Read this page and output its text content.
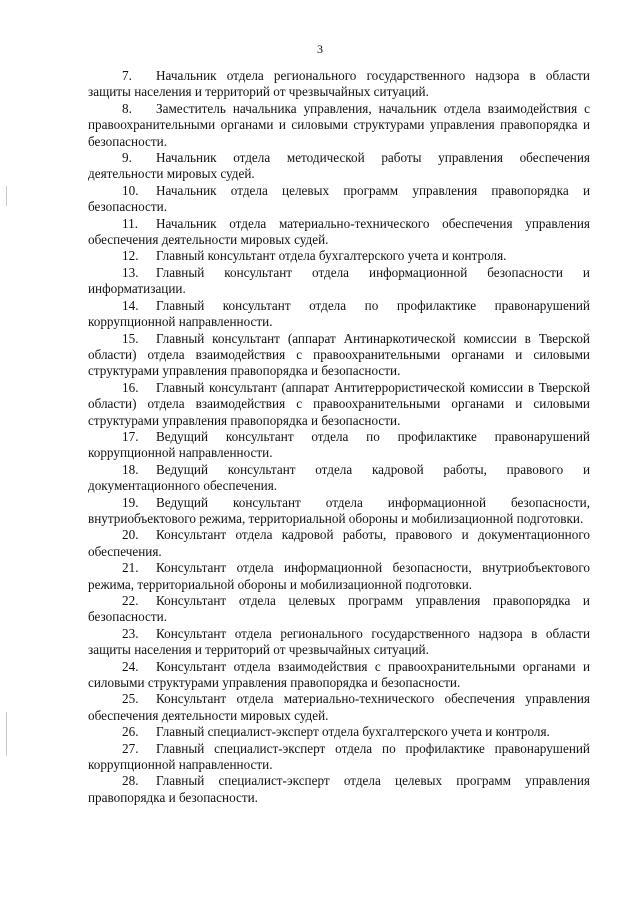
3

7. Начальник отдела регионального государственного надзора в области защиты населения и территорий от чрезвычайных ситуаций.

8. Заместитель начальника управления, начальник отдела взаимодействия с правоохранительными органами и силовыми структурами управления правопорядка и безопасности.

9. Начальник отдела методической работы управления обеспечения деятельности мировых судей.

10. Начальник отдела целевых программ управления правопорядка и безопасности.

11. Начальник отдела материально-технического обеспечения управления обеспечения деятельности мировых судей.

12. Главный консультант отдела бухгалтерского учета и контроля.

13. Главный консультант отдела информационной безопасности и информатизации.

14. Главный консультант отдела по профилактике правонарушений коррупционной направленности.

15. Главный консультант (аппарат Антинаркотической комиссии в Тверской области) отдела взаимодействия с правоохранительными органами и силовыми структурами управления правопорядка и безопасности.

16. Главный консультант (аппарат Антитеррористической комиссии в Тверской области) отдела взаимодействия с правоохранительными органами и силовыми структурами управления правопорядка и безопасности.

17. Ведущий консультант отдела по профилактике правонарушений коррупционной направленности.

18. Ведущий консультант отдела кадровой работы, правового и документационного обеспечения.

19. Ведущий консультант отдела информационной безопасности, внутриобъектового режима, территориальной обороны и мобилизационной подготовки.

20. Консультант отдела кадровой работы, правового и документационного обеспечения.

21. Консультант отдела информационной безопасности, внутриобъектового режима, территориальной обороны и мобилизационной подготовки.

22. Консультант отдела целевых программ управления правопорядка и безопасности.

23. Консультант отдела регионального государственного надзора в области защиты населения и территорий от чрезвычайных ситуаций.

24. Консультант отдела взаимодействия с правоохранительными органами и силовыми структурами управления правопорядка и безопасности.

25. Консультант отдела материально-технического обеспечения управления обеспечения деятельности мировых судей.

26. Главный специалист-эксперт отдела бухгалтерского учета и контроля.

27. Главный специалист-эксперт отдела по профилактике правонарушений коррупционной направленности.

28. Главный специалист-эксперт отдела целевых программ управления правопорядка и безопасности.
